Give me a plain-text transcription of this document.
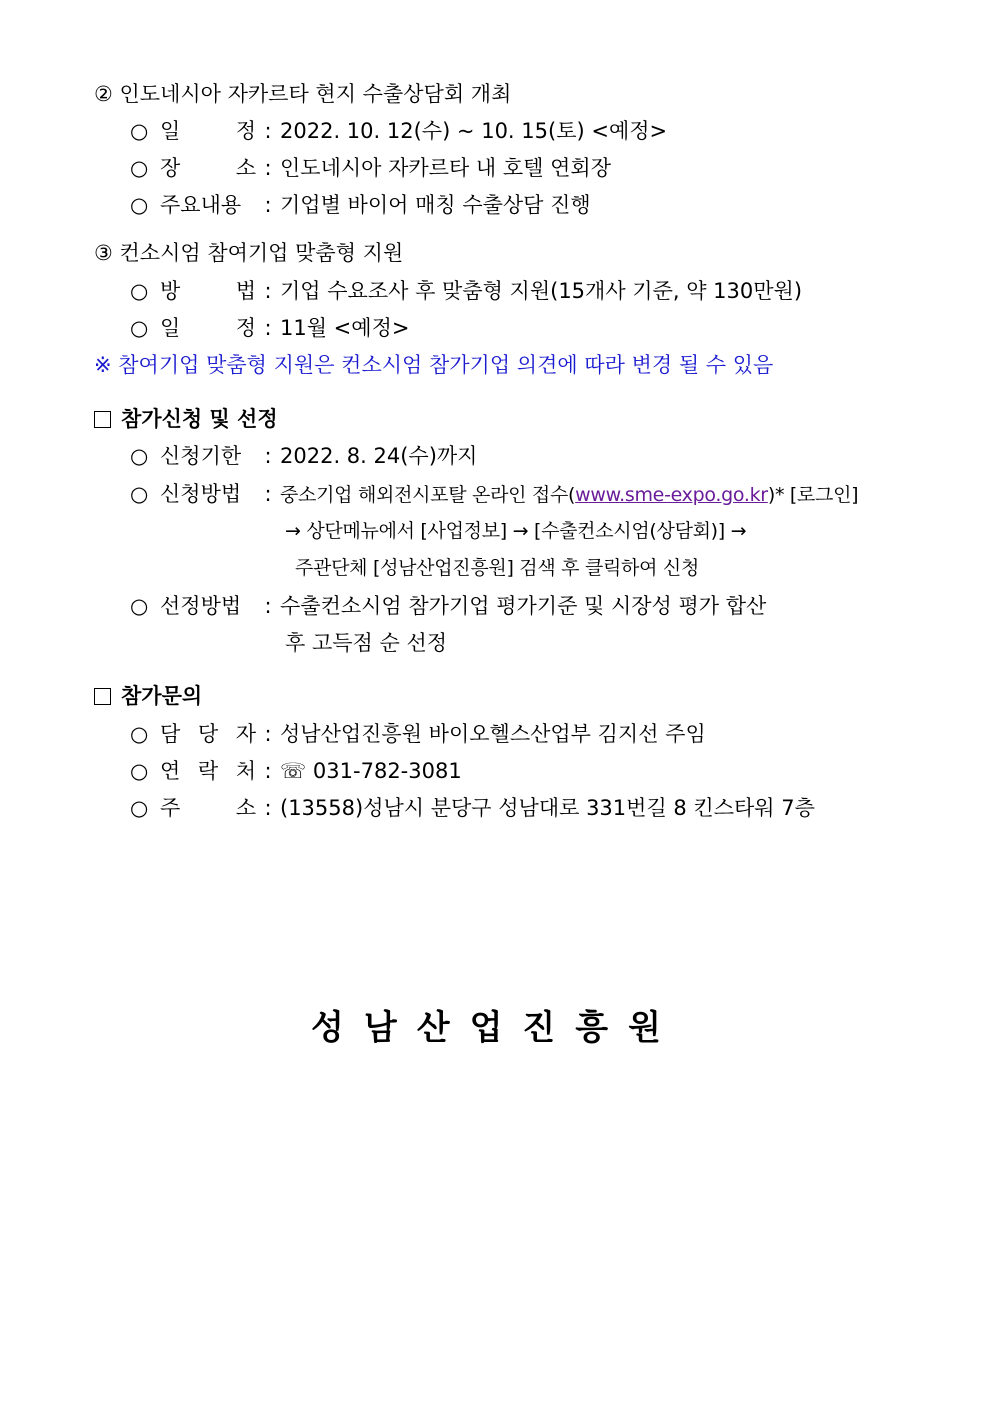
② 인도네시아 자카르타 현지 수출상담회 개최
○ 일 정 : 2022. 10. 12(수) ~ 10. 15(토) <예정>
○ 장 소 : 인도네시아 자카르타 내 호텔 연회장
○ 주요내용 : 기업별 바이어 매칭 수출상담 진행
③ 컨소시엄 참여기업 맞춤형 지원
○ 방 법 : 기업 수요조사 후 맞춤형 지원(15개사 기준, 약 130만원)
○ 일 정 : 11월 <예정>
※ 참여기업 맞춤형 지원은 컨소시엄 참가기업 의견에 따라 변경 될 수 있음
참가신청 및 선정
○ 신청기한 : 2022. 8. 24(수)까지
○ 신청방법 : 중소기업 해외전시포탈 온라인 접수(www.sme-expo.go.kr)* [로그인]
→ 상단메뉴에서 [사업정보] → [수출컨소시엄(상담회)] →
주관단체 [성남산업진흥원] 검색 후 클릭하여 신청
○ 선정방법 : 수출컨소시엄 참가기업 평가기준 및 시장성 평가 합산
후 고득점 순 선정
참가문의
○ 담 당 자 : 성남산업진흥원 바이오헬스산업부 김지선 주임
○ 연 락 처 : ☏ 031-782-3081
○ 주 소 : (13558)성남시 분당구 성남대로 331번길 8 킨스타워 7층
성남산업진흥원
